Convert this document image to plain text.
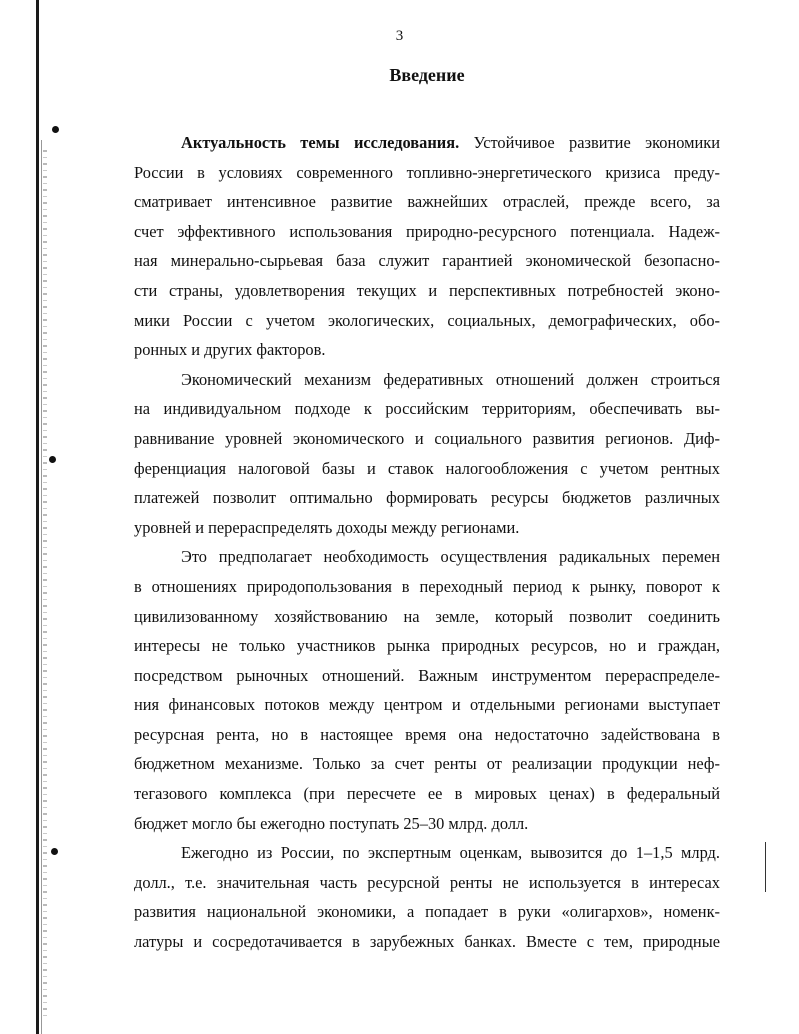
3
Введение
Актуальность темы исследования. Устойчивое развитие экономики
России в условиях современного топливно-энергетического кризиса преду-
сматривает интенсивное развитие важнейших отраслей, прежде всего, за
счет эффективного использования природно-ресурсного потенциала. Надеж-
ная минерально-сырьевая база служит гарантией экономической безопасно-
сти страны, удовлетворения текущих и перспективных потребностей эконо-
мики России с учетом экологических, социальных, демографических, обо-
ронных и других факторов.
Экономический механизм федеративных отношений должен строиться
на индивидуальном подходе к российским территориям, обеспечивать вы-
равнивание уровней экономического и социального развития регионов. Диф-
ференциация налоговой базы и ставок налогообложения с учетом рентных
платежей позволит оптимально формировать ресурсы бюджетов различных
уровней и перераспределять доходы между регионами.
Это предполагает необходимость осуществления радикальных перемен
в отношениях природопользования в переходный период к рынку, поворот к
цивилизованному хозяйствованию на земле, который позволит соединить
интересы не только участников рынка природных ресурсов, но и граждан,
посредством рыночных отношений. Важным инструментом перераспределе-
ния финансовых потоков между центром и отдельными регионами выступает
ресурсная рента, но в настоящее время она недостаточно задействована в
бюджетном механизме. Только за счет ренты от реализации продукции неф-
тегазового комплекса (при пересчете ее в мировых ценах) в федеральный
бюджет могло бы ежегодно поступать 25–30 млрд. долл.
Ежегодно из России, по экспертным оценкам, вывозится до 1–1,5 млрд.
долл., т.е. значительная часть ресурсной ренты не используется в интересах
развития национальной экономики, а попадает в руки «олигархов», номенк-
латуры и сосредотачивается в зарубежных банках. Вместе с тем, природные
